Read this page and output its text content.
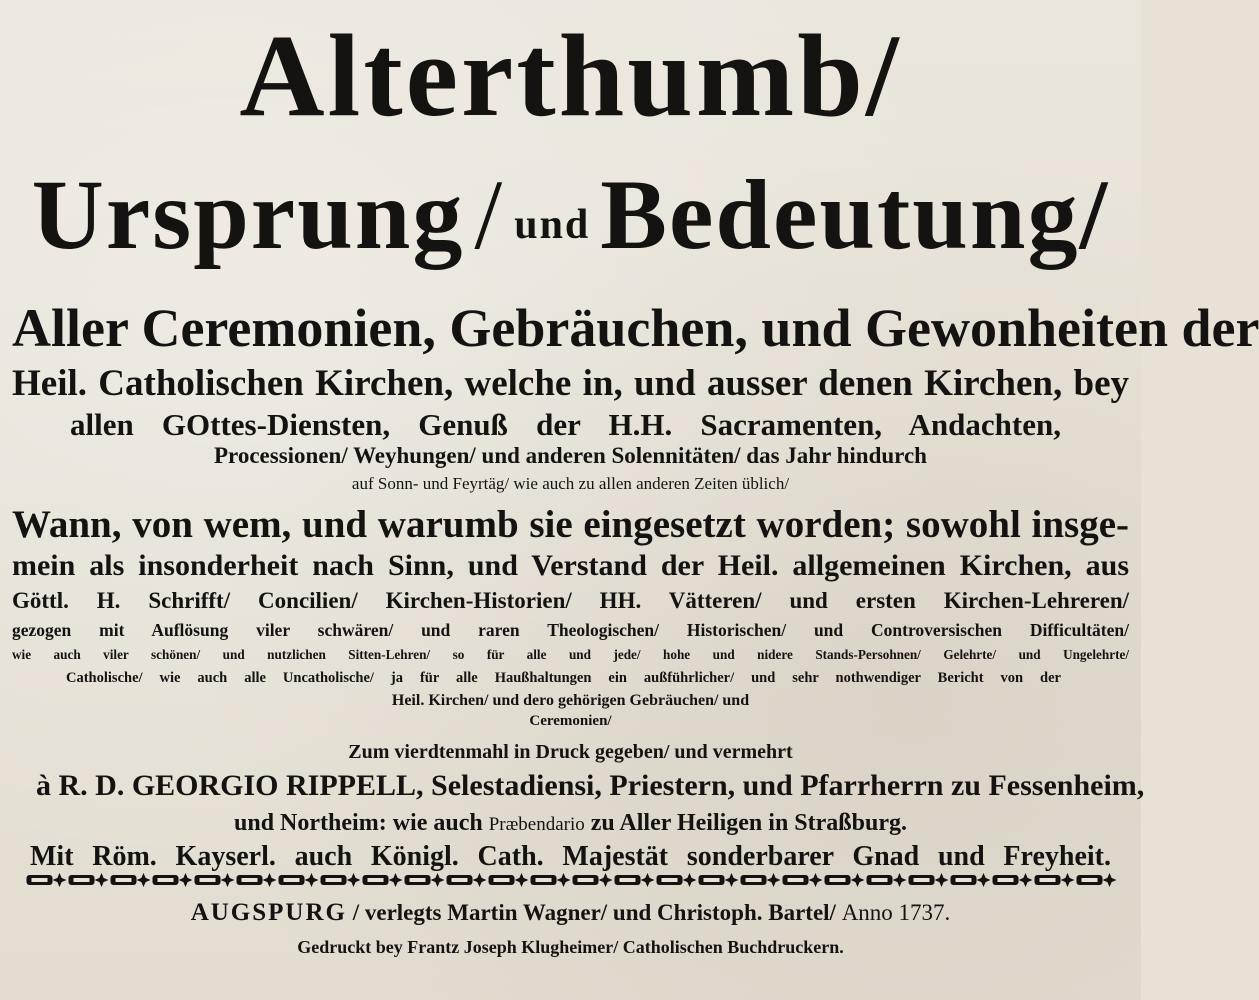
Alterthumb/
Ursprung / und Bedeutung/
Aller Ceremonien, Gebräuchen, und Gewonheiten der
Heil. Catholischen Kirchen, welche in, und ausser denen Kirchen, bey
allen GOttes-Diensten, Genuß der H.H. Sacramenten, Andachten,
Processionen/ Weyhungen/ und anderen Solennitäten/ das Jahr hindurch
auf Sonn- und Feyrtäg/ wie auch zu allen anderen Zeiten üblich/
Wann, von wem, und warumb sie eingesetzt worden; sowohl insge-
mein als insonderheit nach Sinn, und Verstand der Heil. allgemeinen Kirchen, aus
Göttl. H. Schrifft/ Concilien/ Kirchen-Historien/ HH. Vätteren/ und ersten Kirchen-Lehreren/
gezogen mit Auflösung viler schwären/ und raren Theologischen/ Historischen/ und Controversischen Difficultäten/
wie auch viler schönen/ und nutzlichen Sitten-Lehren/ so für alle und jede/ hohe und nidere Stands-Persohnen/ Gelehrte/ und Ungelehrte/
Catholische/ wie auch alle Uncatholische/ ja für alle Haußhaltungen ein außführlicher/ und sehr nothwendiger Bericht von der
Heil. Kirchen/ und dero gehörigen Gebräuchen/ und
Ceremonien/
Zum vierdtenmahl in Druck gegeben/ und vermehrt
à R. D. GEORGIO RIPPELL, Selestadiensi, Priestern, und Pfarrherrn zu Fessenheim,
und Northeim: wie auch Præbendario zu Aller Heiligen in Straßburg.
Mit Röm. Kayserl. auch Königl. Cath. Majestät sonderbarer Gnad und Freyheit.
AUGSPURG / verlegts Martin Wagner/ und Christoph. Bartel/ Anno 1737.
Gedruckt bey Frantz Joseph Klugheimer/ Catholischen Buchdruckern.
